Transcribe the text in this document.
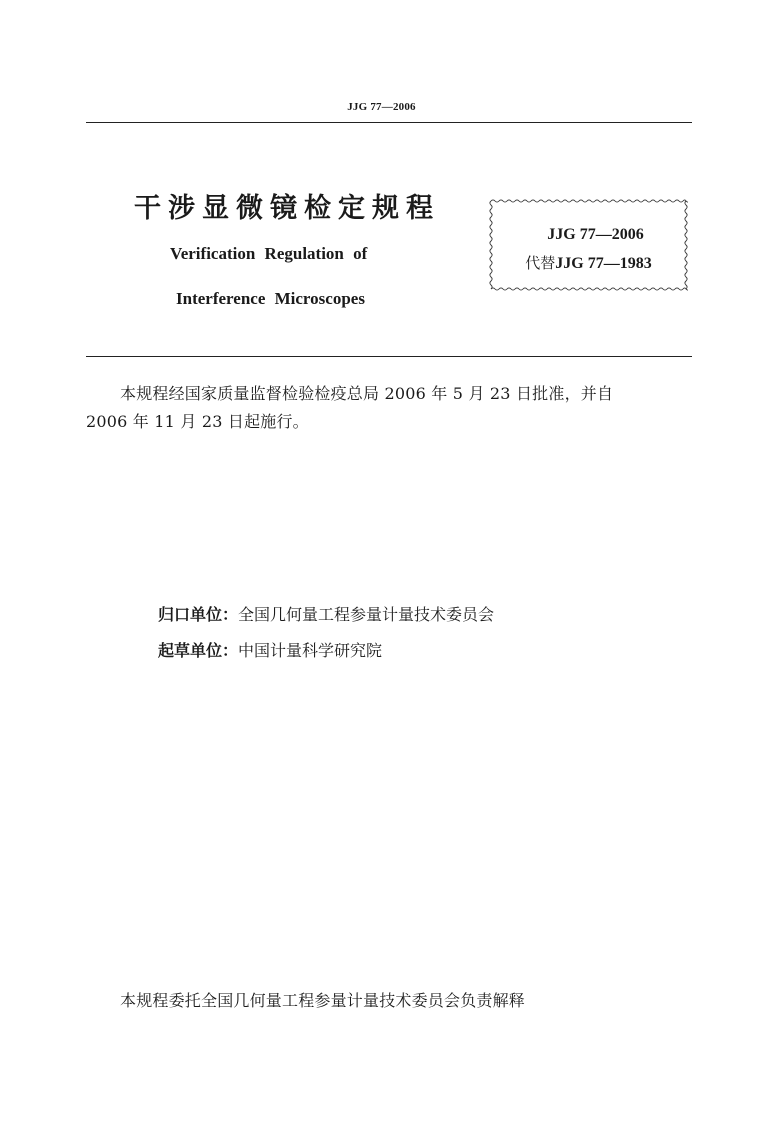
JJG 77—2006
干涉显微镜检定规程
Verification Regulation of
Interference Microscopes
JJG 77—2006
代替JJG 77—1983
本规程经国家质量监督检验检疫总局 2006 年 5 月 23 日批准，并自
2006 年 11 月 23 日起施行。
归口单位：全国几何量工程参量计量技术委员会
起草单位：中国计量科学研究院
本规程委托全国几何量工程参量计量技术委员会负责解释
